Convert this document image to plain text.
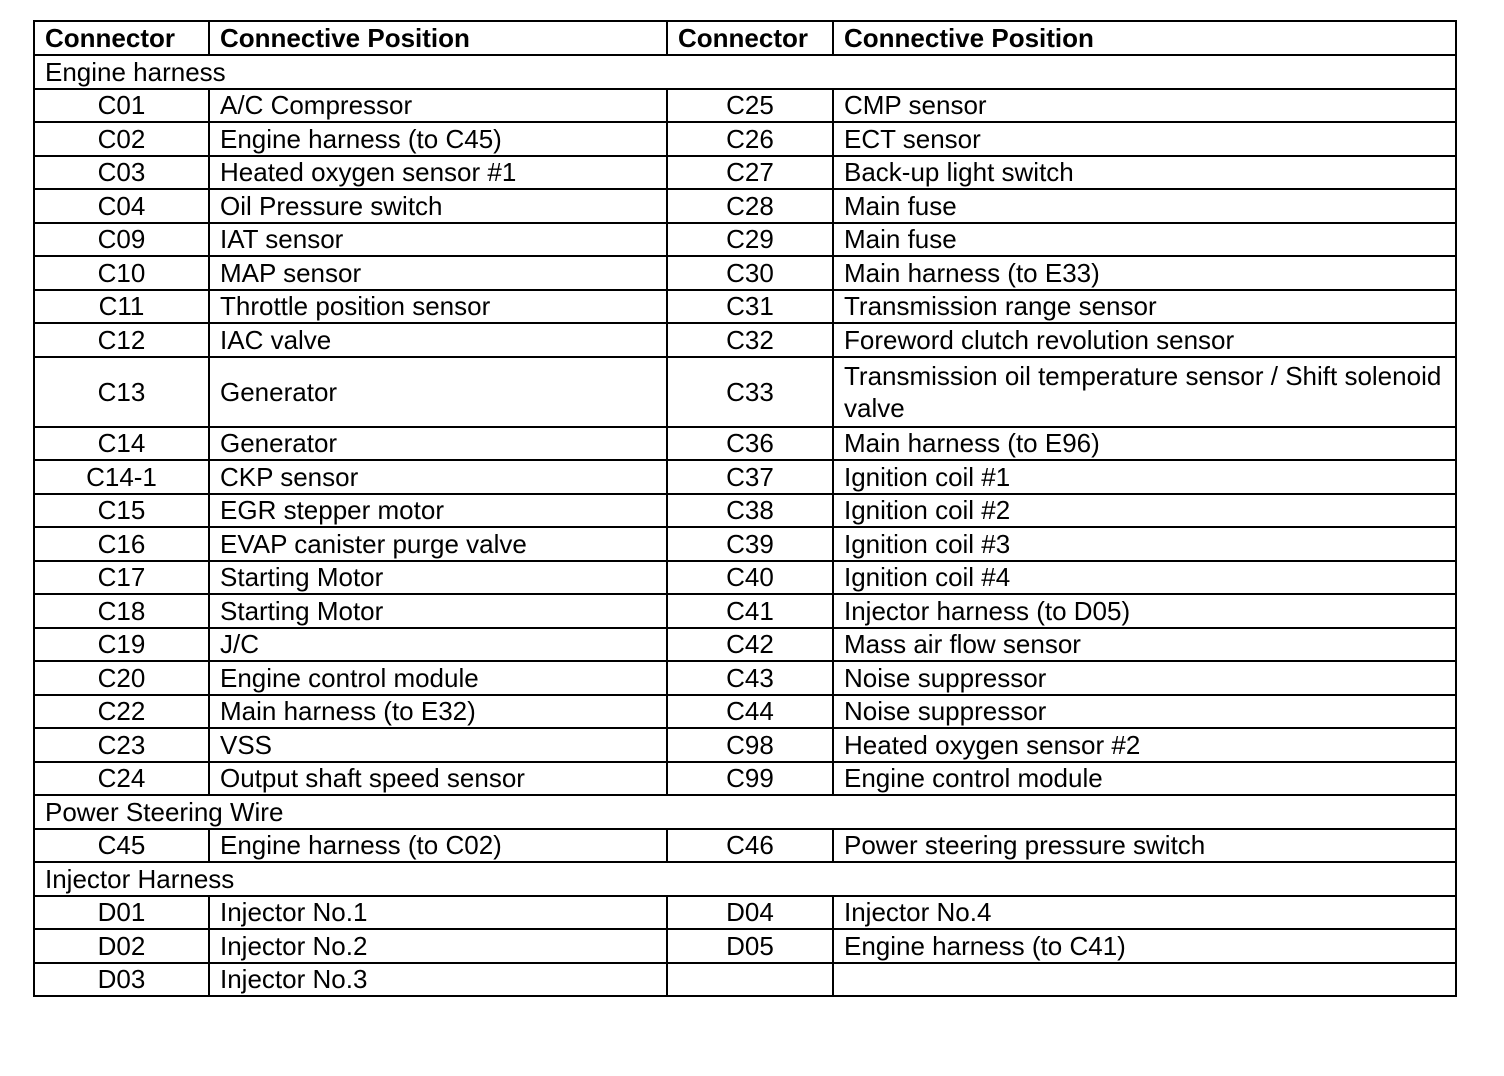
Connector	Connective Position	Connector	Connective Position
Engine harness			
C01	A/C Compressor	C25	CMP sensor
C02	Engine harness (to C45)	C26	ECT sensor
C03	Heated oxygen sensor #1	C27	Back-up light switch
C04	Oil Pressure switch	C28	Main fuse
C09	IAT sensor	C29	Main fuse
C10	MAP sensor	C30	Main harness (to E33)
C11	Throttle position sensor	C31	Transmission range sensor
C12	IAC valve	C32	Foreword clutch revolution sensor
C13	Generator	C33	Transmission oil temperature sensor / Shift solenoid valve
C14	Generator	C36	Main harness (to E96)
C14-1	CKP sensor	C37	Ignition coil #1
C15	EGR stepper motor	C38	Ignition coil #2
C16	EVAP canister purge valve	C39	Ignition coil #3
C17	Starting Motor	C40	Ignition coil #4
C18	Starting Motor	C41	Injector harness (to D05)
C19	J/C	C42	Mass air flow sensor
C20	Engine control module	C43	Noise suppressor
C22	Main harness (to E32)	C44	Noise suppressor
C23	VSS	C98	Heated oxygen sensor #2
C24	Output shaft speed sensor	C99	Engine control module
Power Steering Wire			
C45	Engine harness (to C02)	C46	Power steering pressure switch
Injector Harness			
D01	Injector No.1	D04	Injector No.4
D02	Injector No.2	D05	Engine harness (to C41)
D03	Injector No.3		
